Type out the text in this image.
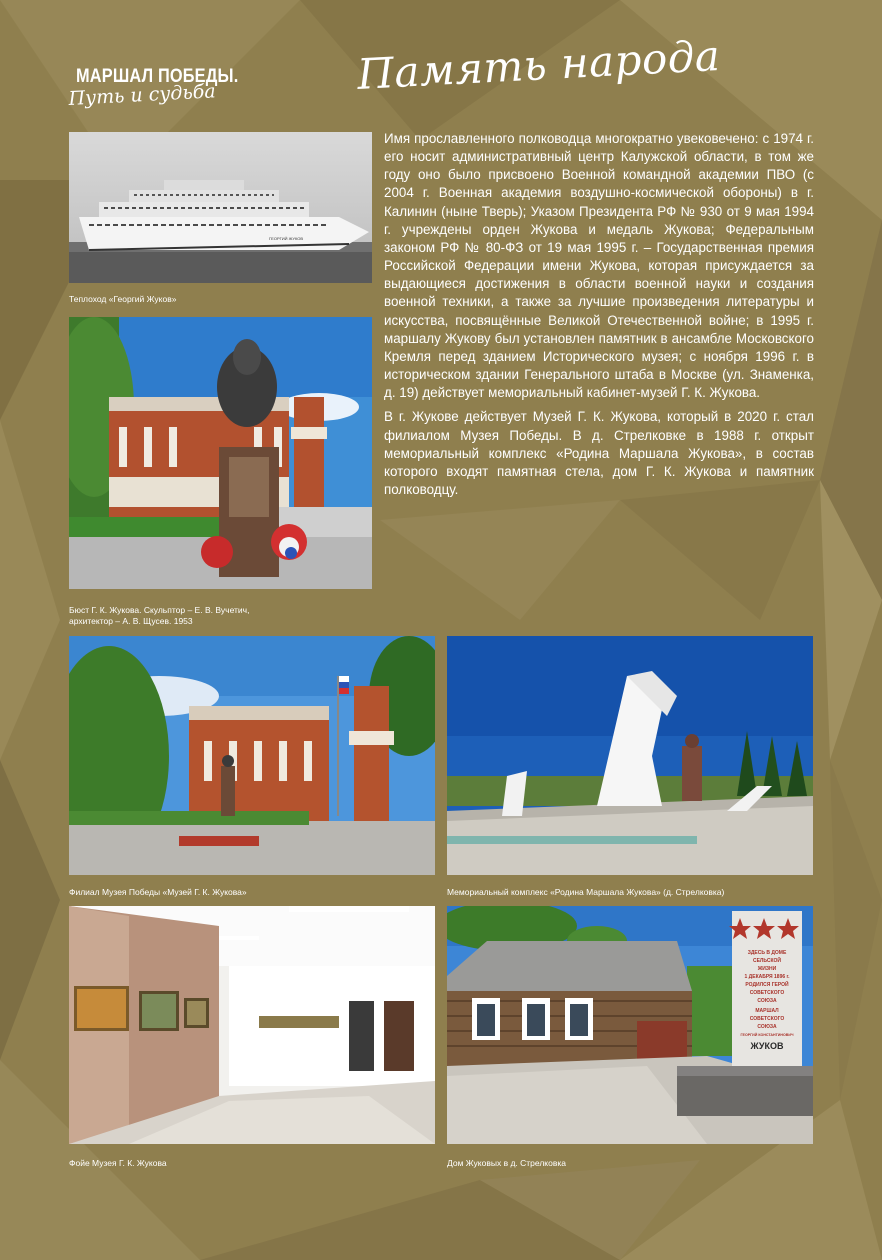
МАРШАЛ ПОБЕДЫ.
Путь и судьба	Память народа
ГЕОРГИЙ ЖУКОВ
Теплоход «Георгий Жуков»
Бюст Г. К. Жукова. Скульптор – Е. В. Вучетич,
архитектор – А. В. Щусев. 1953

Имя прославленного полководца многократно увековечено: с 1974 г. его носит административный центр Калужской области, в том же году оно было присвоено Военной командной академии ПВО (с 2004 г. Военная академия воздушно-космической обороны) в г. Калинин (ныне Тверь); Указом Президента РФ № 930 от 9 мая 1994 г. учреждены орден Жукова и медаль Жукова; Федеральным законом РФ № 80-ФЗ от 19 мая 1995 г. – Государственная премия Российской Федерации имени Жукова, которая присуждается за выдающиеся достижения в области военной науки и создания военной техники, а также за лучшие произведения литературы и искусства, посвящённые Великой Отечественной войне; в 1995 г. маршалу Жукову был установлен памятник в ансамбле Московского Кремля перед зданием Исторического музея; с ноября 1996 г. в историческом здании Генерального штаба в Москве (ул. Знаменка, д. 19) действует мемориальный кабинет-музей Г. К. Жукова.

В г. Жукове действует Музей Г. К. Жукова, который в 2020 г. стал филиалом Музея Победы. В д. Стрелковке в 1988 г. открыт мемориальный комплекс «Родина Маршала Жукова», в состав которого входят памятная стела, дом Г. К. Жукова и памятник полководцу.

Филиал Музея Победы «Музей Г. К. Жукова»	Мемориальный комплекс «Родина Маршала Жукова» (д. Стрелковка)
Фойе Музея Г. К. Жукова
ЗДЕСЬ В ДОМЕ
СЕЛЬСКОЙ
ЖИЗНИ
1 ДЕКАБРЯ 1896 г.
РОДИЛСЯ ГЕРОЙ
СОВЕТСКОГО
СОЮЗА
МАРШАЛ
СОВЕТСКОГО
СОЮЗА
ГЕОРГИЙ КОНСТАНТИНОВИЧ
ЖУКОВ
Дом Жуковых в д. Стрелковка
